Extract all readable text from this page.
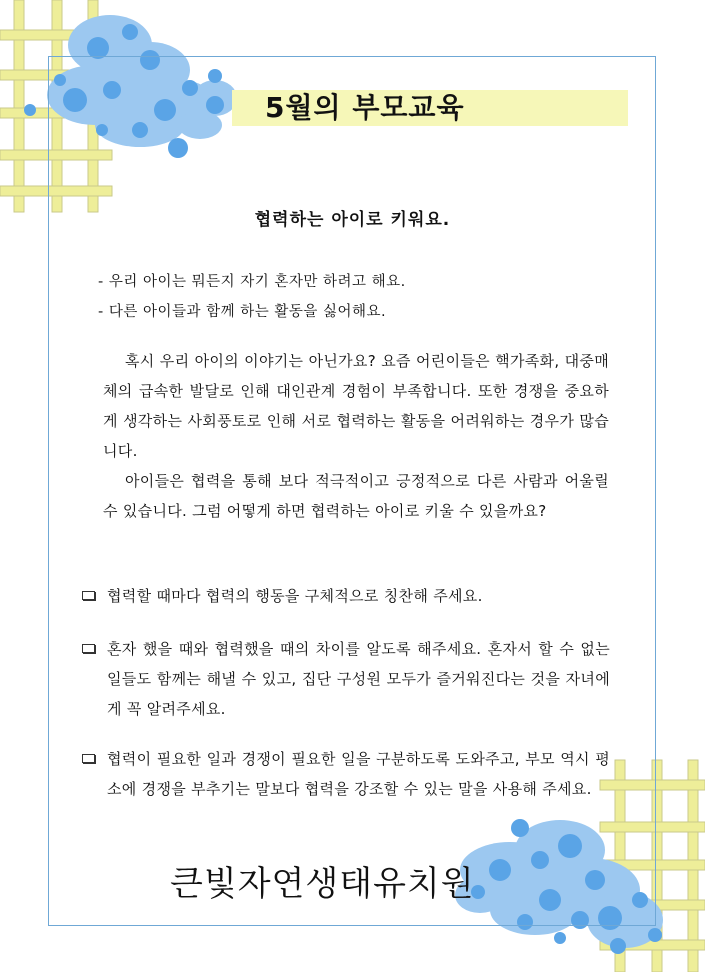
5월의 부모교육
협력하는 아이로 키워요.
- 우리 아이는 뭐든지 자기 혼자만 하려고 해요.
- 다른 아이들과 함께 하는 활동을 싫어해요.

혹시 우리 아이의 이야기는 아닌가요? 요즘 어린이들은 핵가족화, 대중매체의 급속한 발달로 인해 대인관계 경험이 부족합니다. 또한 경쟁을 중요하게 생각하는 사회풍토로 인해 서로 협력하는 활동을 어려워하는 경우가 많습니다.

아이들은 협력을 통해 보다 적극적이고 긍정적으로 다른 사람과 어울릴 수 있습니다. 그럼 어떻게 하면 협력하는 아이로 키울 수 있을까요?

협력할 때마다 협력의 행동을 구체적으로 칭찬해 주세요.
혼자 했을 때와 협력했을 때의 차이를 알도록 해주세요. 혼자서 할 수 없는 일들도 함께는 해낼 수 있고, 집단 구성원 모두가 즐거워진다는 것을 자녀에게 꼭 알려주세요.
협력이 필요한 일과 경쟁이 필요한 일을 구분하도록 도와주고, 부모 역시 평소에 경쟁을 부추기는 말보다 협력을 강조할 수 있는 말을 사용해 주세요.
큰빛자연생태유치원
